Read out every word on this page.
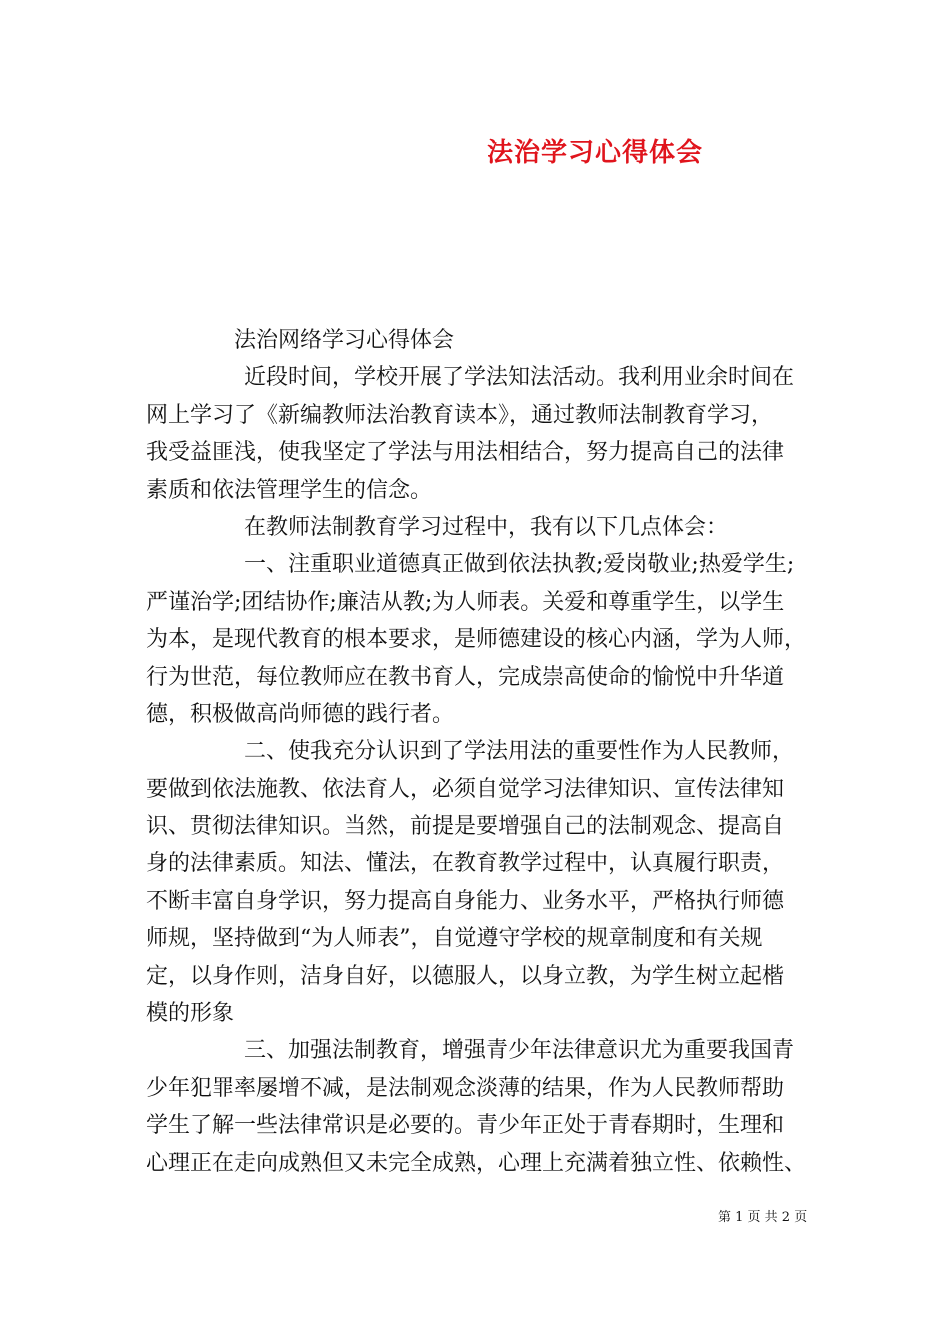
法治学习心得体会
法治网络学习心得体会
近段时间，学校开展了学法知法活动。我利用业余时间在
网上学习了《新编教师法治教育读本》，通过教师法制教育学习，
我受益匪浅，使我坚定了学法与用法相结合，努力提高自己的法律
素质和依法管理学生的信念。
在教师法制教育学习过程中，我有以下几点体会：
一、注重职业道德真正做到依法执教;爱岗敬业;热爱学生;
严谨治学;团结协作;廉洁从教;为人师表。关爱和尊重学生，以学生
为本，是现代教育的根本要求，是师德建设的核心内涵，学为人师，
行为世范，每位教师应在教书育人，完成崇高使命的愉悦中升华道
德，积极做高尚师德的践行者。
二、使我充分认识到了学法用法的重要性作为人民教师，
要做到依法施教、依法育人，必须自觉学习法律知识、宣传法律知
识、贯彻法律知识。当然，前提是要增强自己的法制观念、提高自
身的法律素质。知法、懂法，在教育教学过程中，认真履行职责，
不断丰富自身学识，努力提高自身能力、业务水平，严格执行师德
师规，坚持做到“为人师表”，自觉遵守学校的规章制度和有关规
定，以身作则，洁身自好，以德服人，以身立教，为学生树立起楷
模的形象
三、加强法制教育，增强青少年法律意识尤为重要我国青
少年犯罪率屡增不减，是法制观念淡薄的结果，作为人民教师帮助
学生了解一些法律常识是必要的。青少年正处于青春期时，生理和
心理正在走向成熟但又未完全成熟，心理上充满着独立性、依赖性、
第 1 页 共 2 页
